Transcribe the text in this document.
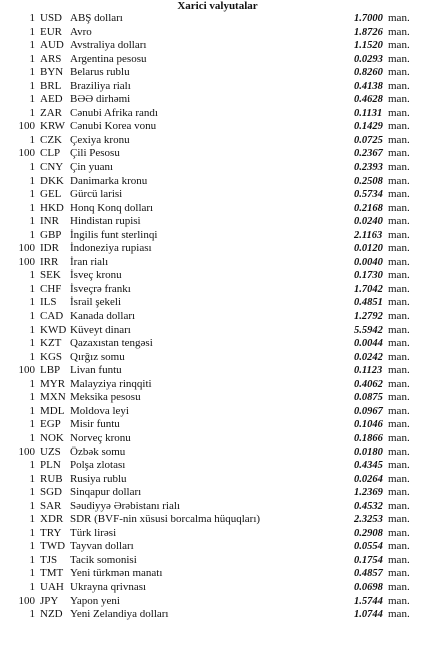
Xarici valyutalar
1 USD ABŞ dolları	1.7000 man.
1 EUR Avro	1.8726 man.
1 AUD Avstraliya dolları	1.1520 man.
1 ARS Argentina pesosu	0.0293 man.
1 BYN Belarus rublu	0.8260 man.
1 BRL Braziliya rialı	0.4138 man.
1 AED BƏƏ dirhəmi	0.4628 man.
1 ZAR Cənubi Afrika randı	0.1131 man.
100 KRW Cənubi Korea vonu	0.1429 man.
1 CZK Çexiya kronu	0.0725 man.
100 CLP Çili Pesosu	0.2367 man.
1 CNY Çin yuanı	0.2393 man.
1 DKK Danimarka kronu	0.2508 man.
1 GEL Gürcü larisi	0.5734 man.
1 HKD Honq Konq dolları	0.2168 man.
1 INR Hindistan rupisi	0.0240 man.
1 GBP İngilis funt sterlinqi	2.1163 man.
100 IDR İndoneziya rupiası	0.0120 man.
100 IRR İran rialı	0.0040 man.
1 SEK İsveç kronu	0.1730 man.
1 CHF İsveçrə frankı	1.7042 man.
1 ILS İsrail şekeli	0.4851 man.
1 CAD Kanada dolları	1.2792 man.
1 KWD Küveyt dinarı	5.5942 man.
1 KZT Qazaxıstan tengəsi	0.0044 man.
1 KGS Qırğız somu	0.0242 man.
100 LBP Livan funtu	0.1123 man.
1 MYR Malayziya rinqqiti	0.4062 man.
1 MXN Meksika pesosu	0.0875 man.
1 MDL Moldova leyi	0.0967 man.
1 EGP Misir funtu	0.1046 man.
1 NOK Norveç kronu	0.1866 man.
100 UZS Özbək somu	0.0180 man.
1 PLN Polşa zlotası	0.4345 man.
1 RUB Rusiya rublu	0.0264 man.
1 SGD Sinqapur dolları	1.2369 man.
1 SAR Səudiyyə Ərəbistanı rialı	0.4532 man.
1 XDR SDR (BVF-nin xüsusi borcalma hüquqları)	2.3253 man.
1 TRY Türk lirəsi	0.2908 man.
1 TWD Tayvan dolları	0.0554 man.
1 TJS Tacik somonisi	0.1754 man.
1 TMT Yeni türkmən manatı	0.4857 man.
1 UAH Ukrayna qrivnası	0.0698 man.
100 JPY Yapon yeni	1.5744 man.
1 NZD Yeni Zelandiya dolları	1.0744 man.
